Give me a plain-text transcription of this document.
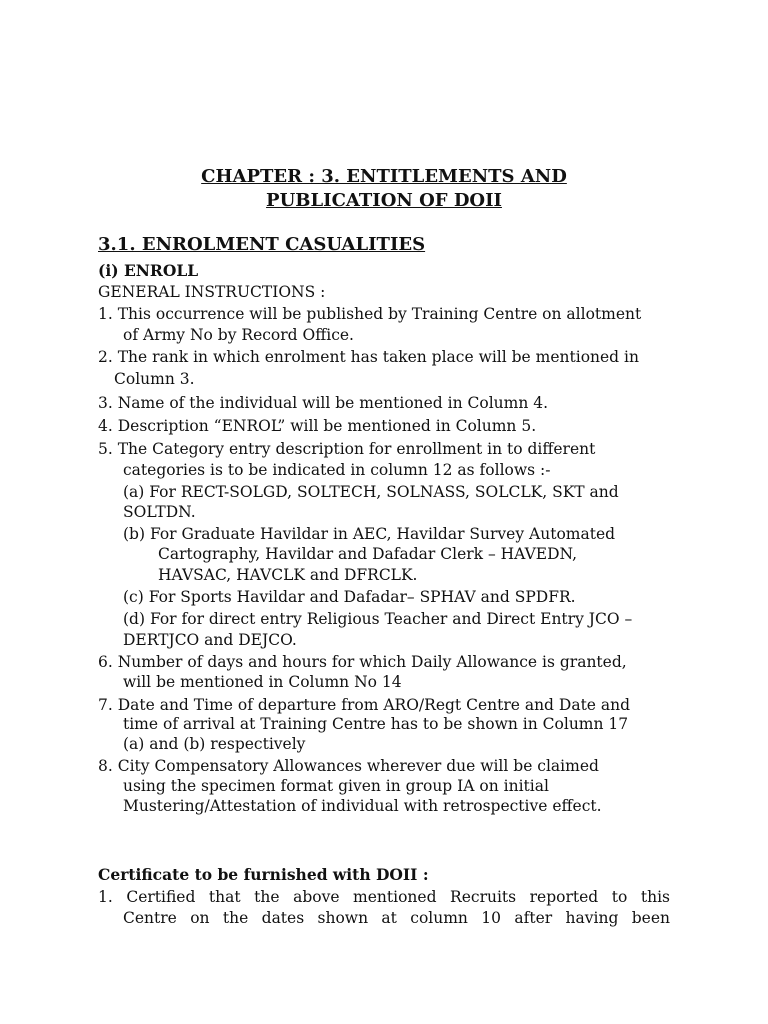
CHAPTER : 3. ENTITLEMENTS AND
PUBLICATION OF DOII
3.1. ENROLMENT CASUALITIES
(i) ENROLL
GENERAL INSTRUCTIONS :
1. This occurrence will be published by Training Centre on allotment
of Army No by Record Office.
2. The rank in which enrolment has taken place will be mentioned in
Column 3.
3. Name of the individual will be mentioned in Column 4.
4. Description “ENROL” will be mentioned in Column 5.
5. The Category entry description for enrollment in to different
categories is to be indicated in column 12 as follows :-
(a) For RECT-SOLGD, SOLTECH, SOLNASS, SOLCLK, SKT and
SOLTDN.
(b) For Graduate Havildar in AEC, Havildar Survey Automated
Cartography, Havildar and Dafadar Clerk – HAVEDN,
HAVSAC, HAVCLK and DFRCLK.
(c) For Sports Havildar and Dafadar– SPHAV and SPDFR.
(d) For for direct entry Religious Teacher and Direct Entry JCO –
DERTJCO and DEJCO.
6. Number of days and hours for which Daily Allowance is granted,
will be mentioned in Column No 14
7. Date and Time of departure from ARO/Regt Centre and Date and
time of arrival at Training Centre has to be shown in Column 17
(a) and (b) respectively
8. City Compensatory Allowances wherever due will be claimed
using the specimen format given in group IA on initial
Mustering/Attestation of individual with retrospective effect.
Certificate to be furnished with DOII :
1. Certified that the above mentioned Recruits reported to this
Centre on the dates shown at column 10 after having been
